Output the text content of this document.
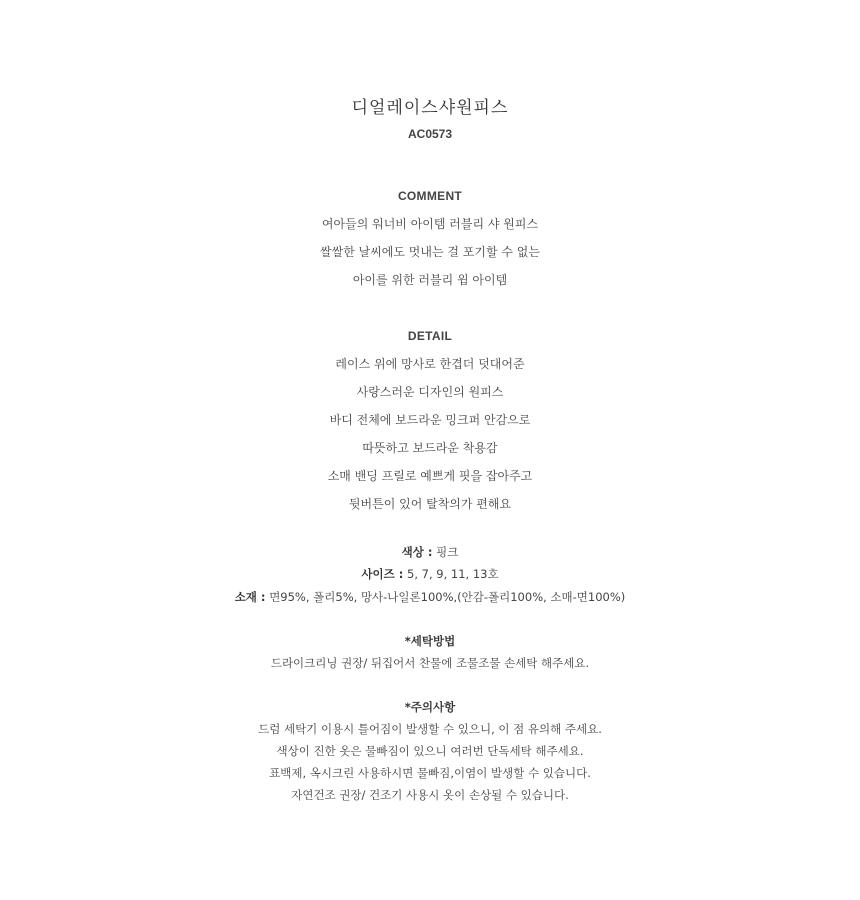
디얼레이스샤원피스
AC0573
COMMENT
여아들의 워너비 아이템 러블리 샤 원피스
쌀쌀한 날씨에도 멋내는 걸 포기할 수 없는
아이를 위한 러블리 윔 아이템
DETAIL
레이스 위에 망사로 한겹더 덧대어준
사랑스러운 디자인의 원피스
바디 전체에 보드라운 밍크퍼 안감으로
따뜻하고 보드라운 착용감
소매 밴딩 프릴로 예쁘게 핏을 잡아주고
뒷버튼이 있어 탈착의가 편해요
색상 : 핑크
사이즈 : 5, 7, 9, 11, 13호
소재 : 면95%, 폴리5%, 망사-나일론100%,(안감-폴리100%, 소매-면100%)
*세탁방법
드라이크리닝 권장/ 뒤집어서 찬물에 조물조물 손세탁 해주세요.
*주의사항
드럼 세탁기 이용시 틀어짐이 발생할 수 있으니, 이 점 유의해 주세요.
색상이 진한 옷은 물빠짐이 있으니 여러번 단독세탁 해주세요.
표백제, 옥시크린 사용하시면 물빠짐,이염이 발생할 수 있습니다.
자연건조 권장/ 건조기 사용시 옷이 손상될 수 있습니다.
